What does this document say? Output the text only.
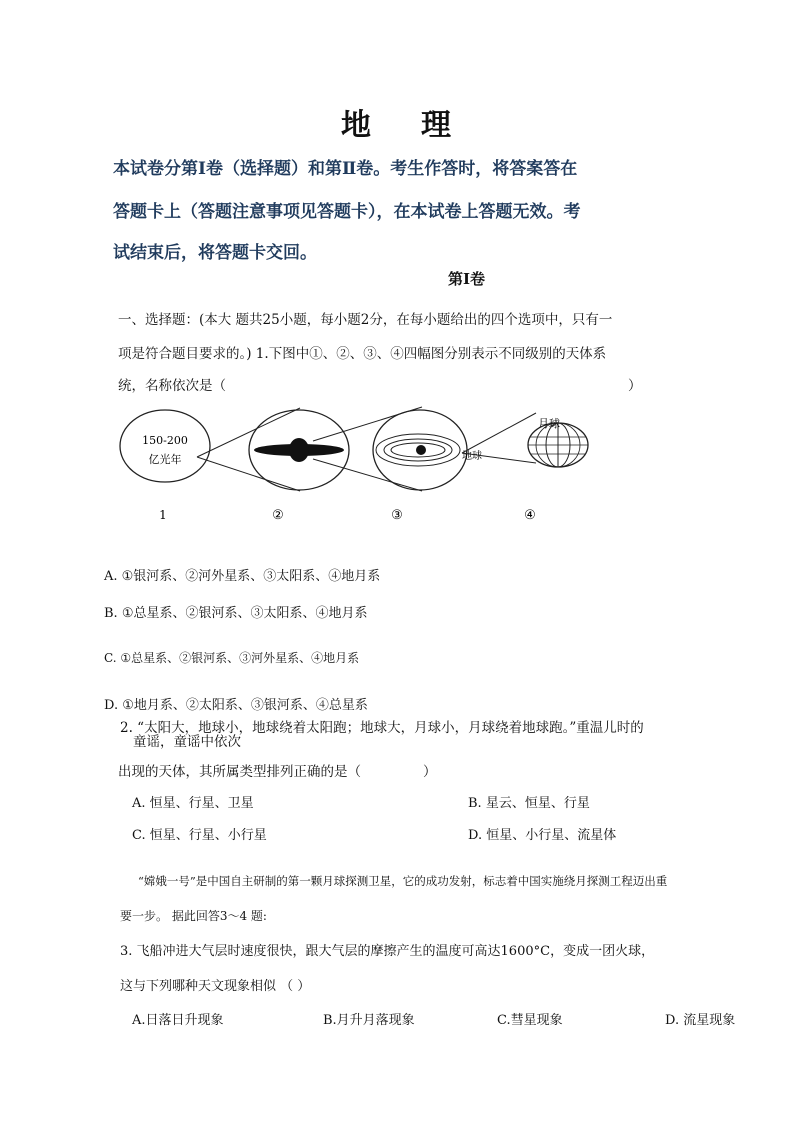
地 理
本试卷分第Ⅰ卷（选择题）和第Ⅱ卷。考生作答时，将答案答在
答题卡上（答题注意事项见答题卡），在本试卷上答题无效。考
试结束后，将答题卡交回。
第Ⅰ卷
一、选择题：(本大 题共25小题，每小题2分，在每小题给出的四个选项中，只有一
项是符合题目要求的。) 1.下图中①、②、③、④四幅图分别表示不同级别的天体系
统，名称依次是（	）
150-200
亿光年	地球
月球
1	②	③	④
A. ①银河系、②河外星系、③太阳系、④地月系
B. ①总星系、②银河系、③太阳系、④地月系
C. ①总星系、②银河系、③河外星系、④地月系
D. ①地月系、②太阳系、③银河系、④总星系
2. “太阳大，地球小，地球绕着太阳跑；地球大，月球小，月球绕着地球跑。”重温儿时的
童谣，童谣中依次
出现的天体，其所属类型排列正确的是（	）
A. 恒星、行星、卫星	B. 星云、恒星、行星
C. 恒星、行星、小行星	D. 恒星、小行星、流星体
“嫦娥一号”是中国自主研制的第一颗月球探测卫星，它的成功发射，标志着中国实施绕月探测工程迈出重
要一步。 据此回答3～4 题:
3. 飞船冲进大气层时速度很快，跟大气层的摩擦产生的温度可高达1600°C，变成一团火球，
这与下列哪种天文现象相似 （ ）
A.日落日升现象	B.月升月落现象	C.彗星现象	D. 流星现象
